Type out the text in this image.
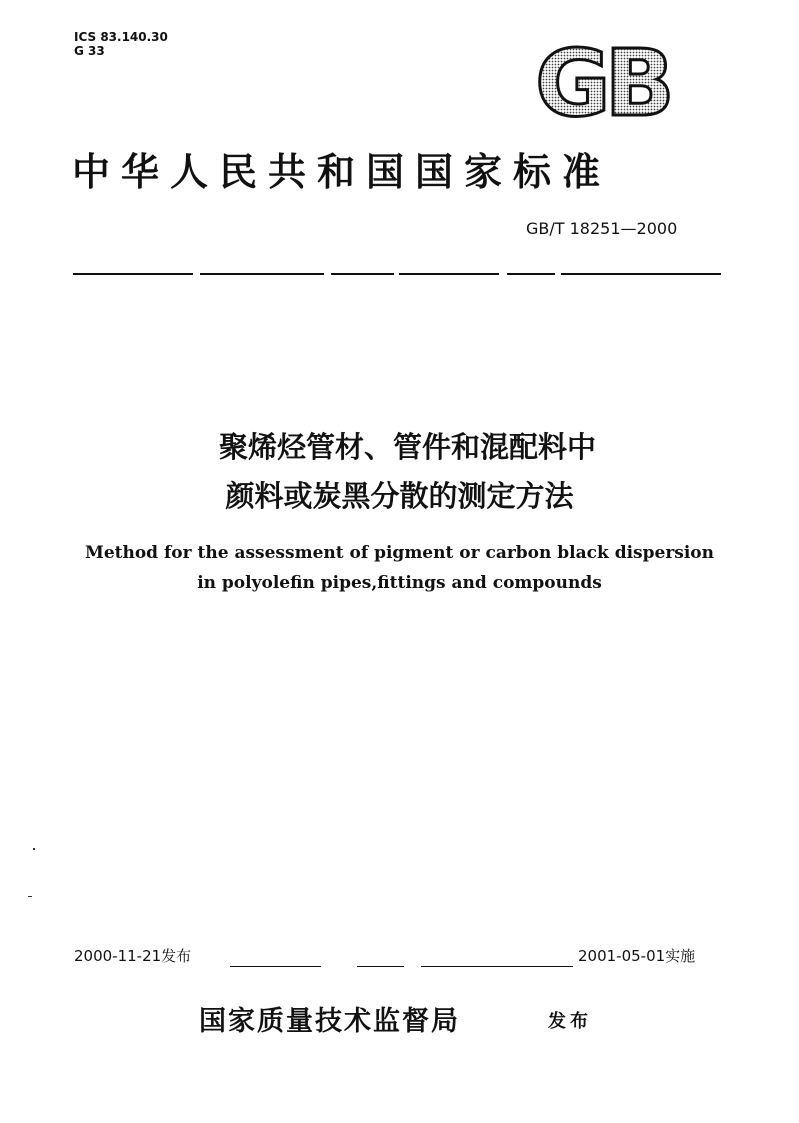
ICS 83.140.30
G 33	GB
中华人民共和国国家标准
GB/T 18251—2000
聚烯烃管材、管件和混配料中
颜料或炭黑分散的测定方法
Method for the assessment of pigment or carbon black dispersion
in polyolefin pipes,fittings and compounds
2000-11-21发布	2001-05-01实施
国家质量技术监督局	发布
